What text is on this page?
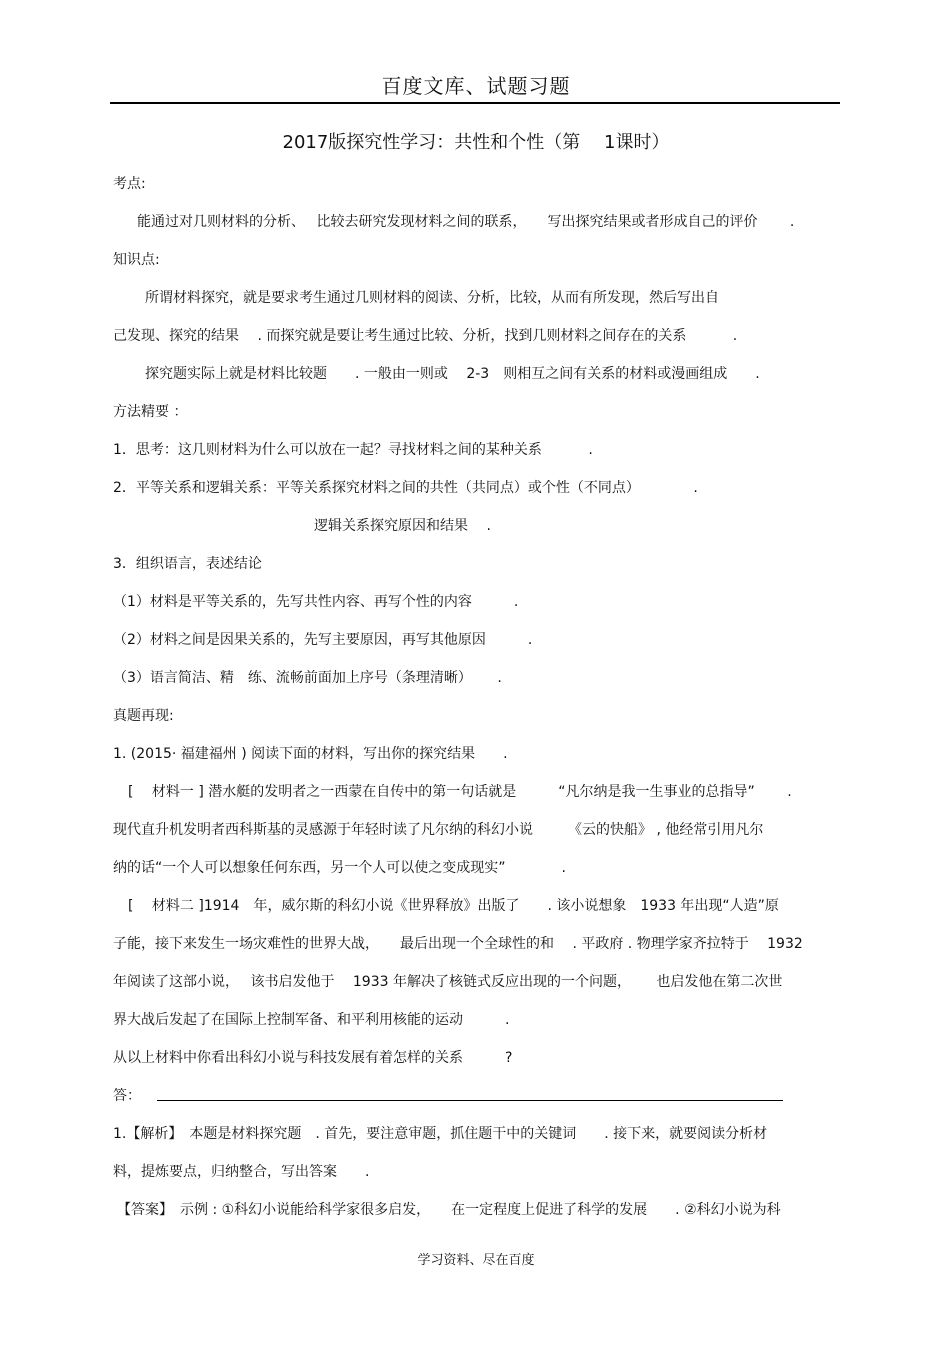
百度文库、试题习题
2017版探究性学习：共性和个性（第　 1课时）
考点:
能通过对几则材料的分析、　 比较去研究发现材料之间的联系，　　写出探究结果或者形成自己的评价　　 .
知识点:
所谓材料探究，就是要求考生通过几则材料的阅读、分析，比较，从而有所发现，然后写出自
己发现、探究的结果　 . 而探究就是要让考生通过比较、分析，找到几则材料之间存在的关系　　　 .
探究题实际上就是材料比较题　　. 一般由一则或　 2-3　则相互之间有关系的材料或漫画组成　　.
方法精要 ：
1．思考：这几则材料为什么可以放在一起？寻找材料之间的某种关系　　　 .
2．平等关系和逻辑关系：平等关系探究材料之间的共性（共同点）或个性（不同点）　　　　 .
逻辑关系探究原因和结果　 .
3．组织语言，表述结论
（1）材料是平等关系的，先写共性内容、再写个性的内容　　　.
（2）材料之间是因果关系的，先写主要原因，再写其他原因　　　.
（3）语言简洁、精　练、流畅前面加上序号（条理清晰）　　 .
真题再现:
1. (2015· 福建福州 ) 阅读下面的材料，写出你的探究结果　　.
[　 材料一 ] 潜水艇的发明者之一西蒙在自传中的第一句话就是　　　“凡尔纳是我一生事业的总指导”　　 .
现代直升机发明者西科斯基的灵感源于年轻时读了凡尔纳的科幻小说　　　《云的快船》 , 他经常引用凡尔
纳的话“一个人可以想象任何东西，另一个人可以使之变成现实”　　　　.
[　 材料二 ]1914　年，威尔斯的科幻小说《世界释放》出版了　　. 该小说想象　1933 年出现“人造”原
子能，接下来发生一场灾难性的世界大战，　　最后出现一个全球性的和　 . 平政府 . 物理学家齐拉特于　 1932
年阅读了这部小说，　 该书启发他于　 1933 年解决了核链式反应出现的一个问题，　　 也启发他在第二次世
界大战后发起了在国际上控制军备、和平利用核能的运动　　　.
从以上材料中你看出科幻小说与科技发展有着怎样的关系　　　?
答：
1.【解析】　本题是材料探究题　. 首先，要注意审题，抓住题干中的关键词　　. 接下来，就要阅读分析材
料，提炼要点，归纳整合，写出答案　　.
【答案】　示例 : ①科幻小说能给科学家很多启发，　　在一定程度上促进了科学的发展　　. ②科幻小说为科
学习资料、尽在百度
